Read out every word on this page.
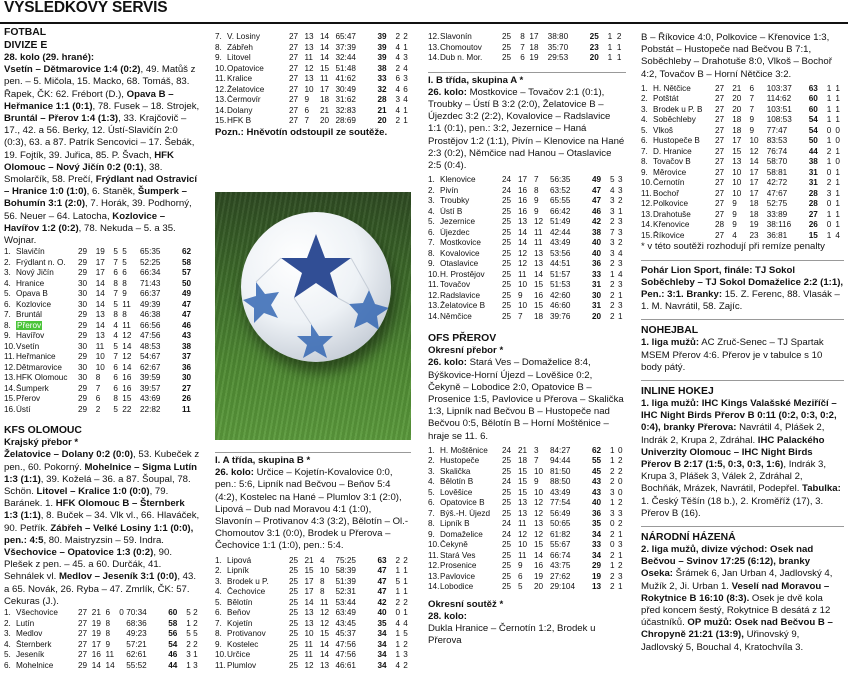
VÝSLEDKOVÝ SERVIS
FOTBAL
DIVIZE E
28. kolo (29. hrané):

Vsetín – Dětmarovice 1:4 (0:2), 49. Matůš z pen. – 5. Mičola, 15. Macko, 68. Tomáš, 83. Řapek, ČK: 62. Frébort (D.), Opava B – Heřmanice 1:1 (0:1), 78. Fusek – 18. Strojek, Bruntál – Přerov 1:4 (1:3), 33. Krajčovič – 17., 42. a 56. Berky, 12. Ústí-Slavičín 2:0 (0:3), 63. a 87. Patrík Sencovici – 17. Šebák, 19. Fojtík, 39. Juřica, 85. P. Švach, HFK Olomouc – Nový Jičín 0:2 (0:1), 38. Smolarčík, 58. Prečí, Frýdlant nad Ostravicí – Hranice 1:0 (1:0), 6. Staněk, Šumperk – Bohumín 3:1 (2:0), 7. Horák, 39. Podhorný, 56. Neuer – 64. Latocha, Kozlovice – Havířov 1:2 (0:2), 78. Nekuda – 5. a 35. Wojnar.

1.	Slavičín	29	19	5	5	65:35	62
2.	Frýdlant n. O.	29	17	7	5	52:25	58
3.	Nový Jičín	29	17	6	6	66:34	57
4.	Hranice	30	14	8	8	71:43	50
5.	Opava B	30	14	7	9	66:37	49
6.	Kozlovice	30	14	5	11	49:39	47
7.	Bruntál	29	13	8	8	46:38	47
8.	Přerov	29	14	4	11	66:56	46
9.	Havířov	29	13	4	12	47:56	43
10.	Vsetín	30	11	5	14	48:53	38
11.	Heřmanice	29	10	7	12	54:67	37
12.	Dětmarovice	30	10	6	14	62:67	36
13.	HFK Olomouc	30	8	6	16	39:59	30
14.	Šumperk	29	7	6	16	39:57	27
15.	Přerov	29	6	8	15	43:69	26
16.	Ústí	29	2	5	22	22:82	11
KFS OLOMOUC
Krajský přebor *

Želatovice – Dolany 0:2 (0:0), 53. Kubeček z pen., 60. Pokorný. Mohelnice – Sigma Lutín 1:3 (1:1), 39. Koželá – 36. a 87. Šoupal, 78. Schön. Litovel – Kralice 1:0 (0:0), 79. Baránek. 1. HFK Olomouc B – Šternberk 1:3 (1:1), 8. Buček – 34. Vlk vl., 66. Hlaváček, 90. Petřík. Zábřeh – Velké Losiny 1:1 (0:0), pen.: 4:5, 80. Maistryzsin – 59. Indra. Všechovice – Opatovice 1:3 (0:2), 90. Plešek z pen. – 45. a 60. Durčák, 41. Sehnálek vl. Medlov – Jeseník 3:1 (0:0), 43. a 65. Novák, 26. Ryba – 47. Zmrlík, ČK: 57. Cekuras (J.).

1.	Všechovice	27	21	6	0	70:34	60	5	2
2.	Lutín	27	19	8		68:36	58	1	2
3.	Medlov	27	19	8		49:23	56	5	5
4.	Šternberk	27	17	9		57:21	54	2	2
5.	Jeseník	27	16	11		62:61	46	3	1
6.	Mohelnice	29	14	14		55:52	44	1	3
7.	V. Losiny	27	13	14	65:47	39	2	2
8.	Zábřeh	27	13	14	37:39	39	4	1
9.	Litovel	27	11	14	32:44	39	4	3
10.	Opatovice	27	12	15	51:48	38	2	4
11.	Kralice	27	13	11	41:62	33	6	3
12.	Želatovice	27	10	17	30:49	32	4	6
13.	Čermovír	27	9	18	31:62	28	3	4
14.	Dolany	27	6	21	32:83	21	4	1
15.	HFK B	27	7	20	28:69	20	2	1
Pozn.: Hněvotín odstoupil ze soutěže.
I. A třída, skupina B *

26. kolo: Určice – Kojetín-Kovalovice 0:0, pen.: 5:6, Lipník nad Bečvou – Beňov 5:4 (4:2), Kostelec na Hané – Plumlov 3:1 (2:0), Lipová – Dub nad Moravou 4:1 (1:0), Slavonín – Protivanov 4:3 (3:2), Bělotín – Ol.-Chomoutov 3:1 (0:0), Brodek u Přerova – Čechovice 1:1 (1:0), pen.: 5:4.

1.	Lipová	25	21	4	75:25	63	2	2
2.	Lipník	25	15	10	58:39	47	1	1
3.	Brodek u P.	25	17	8	51:39	47	5	1
4.	Čechovice	25	17	8	52:31	47	1	1
5.	Bělotín	25	14	11	53:44	42	2	2
6.	Beňov	25	13	12	63:49	40	0	1
7.	Kojetín	25	13	12	43:45	35	4	4
8.	Protivanov	25	10	15	45:37	34	1	5
9.	Kostelec	25	11	14	47:56	34	1	2
10.	Určice	25	11	14	47:56	34	1	3
11.	Plumlov	25	12	13	46:61	34	4	2
12.	Slavonín	25	8	17	38:80	25	1	2
13.	Chomoutov	25	7	18	35:70	23	1	1
14.	Dub n. Mor.	25	6	19	29:53	20	1	1
I. B třída, skupina A *

26. kolo: Mostkovice – Tovačov 2:1 (0:1), Troubky – Ústí B 3:2 (2:0), Želatovice B – Újezdec 3:2 (2:2), Kovalovice – Radslavice 1:1 (0:1), pen.: 3:2, Jezernice – Haná Prostějov 1:2 (1:1), Pivín – Klenovice na Hané 2:3 (0:2), Němčice nad Hanou – Otaslavice 2:5 (0:4).

1.	Klenovice	24	17	7	56:35	49	5	3
2.	Pivín	24	16	8	63:52	47	4	3
3.	Troubky	25	16	9	65:55	47	3	2
4.	Ústí B	25	16	9	66:42	46	3	1
5.	Jezernice	25	13	12	51:49	42	2	3
6.	Újezdec	25	14	11	42:44	38	7	3
7.	Mostkovice	25	14	11	43:49	40	3	2
8.	Kovalovice	25	12	13	53:56	40	3	4
9.	Otaslavice	25	12	13	44:51	36	2	3
10.	H. Prostějov	25	11	14	51:57	33	1	4
11.	Tovačov	25	10	15	51:53	31	2	3
12.	Radslavice	25	9	16	42:60	30	2	1
13.	Želatovice B	25	10	15	46:60	31	2	3
14.	Němčice	25	7	18	39:76	20	2	1
OFS PŘEROV
Okresní přebor *

26. kolo: Stará Ves – Domaželice 8:4, Býškovice-Horní Újezd – Lověšice 0:2, Čekyně – Lobodice 2:0, Opatovice B – Prosenice 1:5, Pavlovice u Přerova – Skalička 1:3, Lipník nad Bečvou B – Hustopeče nad Bečvou 0:5, Bělotín B – Horní Moštěnice – hraje se 11. 6.

1.	H. Moštěnice	24	21	3	84:27	62	1	0
2.	Hustopeče	25	18	7	94:44	55	1	2
3.	Skalička	25	15	10	81:50	45	2	2
4.	Bělotín B	24	15	9	88:50	43	2	0
5.	Lověšice	25	15	10	43:49	43	3	0
6.	Opatovice B	25	13	12	77:54	40	1	2
7.	Býš.-H. Újezd	25	13	12	56:49	36	3	3
8.	Lipník B	24	11	13	50:65	35	0	2
9.	Domaželice	24	12	12	61:82	34	2	1
10.	Čekyně	25	10	15	55:67	33	0	3
11.	Stará Ves	25	11	14	66:74	34	2	1
12.	Prosenice	25	9	16	43:75	29	1	2
13.	Pavlovice	25	6	19	27:62	19	2	3
14.	Lobodice	25	5	20	29:104	13	2	1
Okresní soutěž *
28. kolo:

Dukla Hranice – Černotín 1:2, Brodek u Přerova

B – Říkovice 4:0, Polkovice – Křenovice 1:3, Pobstát – Hustopeče nad Bečvou B 7:1, Soběchleby – Drahotuše 8:0, Vlkoš – Bochoř 4:2, Tovačov B – Horní Nětčice 3:2.

1.	H. Nětčice	27	21	6	103:37	63	1	1
2.	Potštát	27	20	7	114:62	60	1	1
3.	Brodek u P. B	27	20	7	103:51	60	1	1
4.	Soběchleby	27	18	9	108:53	54	1	1
5.	Vlkoš	27	18	9	77:47	54	0	0
6.	Hustopeče B	27	17	10	83:53	50	1	0
7.	D. Hranice	27	15	12	76:74	44	2	1
8.	Tovačov B	27	13	14	58:70	38	1	0
9.	Měrovice	27	10	17	58:81	31	0	1
10.	Černotín	27	10	17	42:72	31	2	1
11.	Bochoř	27	10	17	47:67	28	3	1
12.	Polkovice	27	9	18	52:75	28	0	1
13.	Drahotuše	27	9	18	33:89	27	1	1
14.	Křenovice	28	9	19	38:116	26	0	1
15.	Říkovice	27	4	23	36:81	15	1	4

* v této soutěži rozhodují při remíze penalty

Pohár Lion Sport, finále: TJ Sokol Soběchleby – TJ Sokol Domaželice 2:2 (1:1), Pen.: 3:1. Branky: 15. Z. Ferenc, 88. Vlasák – 1. M. Navrátil, 58. Zajíc.

NOHEJBAL

1. liga mužů: AC Zruč-Senec – TJ Spartak MSEM Přerov 4:6. Přerov je v tabulce s 10 body pátý.

INLINE HOKEJ

1. liga mužů: IHC Kings Valašské Meziříčí – IHC Night Birds Přerov B 0:11 (0:2, 0:3, 0:2, 0:4), branky Přerova: Navrátil 4, Plášek 2, Indrák 2, Krupa 2, Zdráhal. IHC Palackého Univerzity Olomouc – IHC Night Birds Přerov B 2:17 (1:5, 0:3, 0:3, 1:6), Indrák 3, Krupa 3, Plášek 3, Válek 2, Zdráhal 2, Bochňák, Mrázek, Navrátil, Podepřel. Tabulka: 1. Český Těšín (18 b.), 2. Kroměříž (17), 3. Přerov B (16).

NÁRODNÍ HÁZENÁ

2. liga mužů, divize východ: Osek nad Bečvou – Svinov 17:25 (6:12), branky Oseka: Šrámek 6, Jan Urban 4, Jadlovský 4, Mužík 2, Ji. Urban 1. Veselí nad Moravou – Rokytnice B 16:10 (8:3). Osek je dvě kola před koncem šestý, Rokytnice B desátá z 12 účastníků. OP mužů: Osek nad Bečvou B – Chropyně 21:21 (13:9), Uřinovský 9, Jadlovský 5, Bouchal 4, Kratochvíla 3.
